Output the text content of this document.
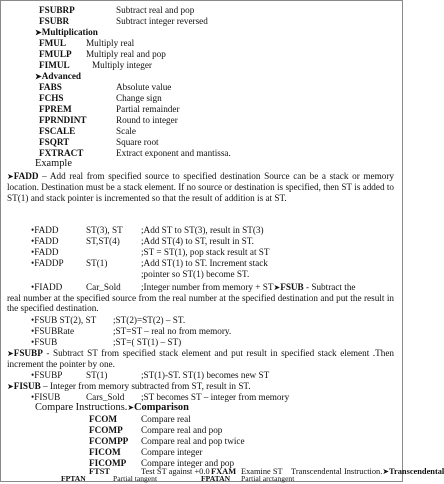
FSUBRP	Subtract real and pop
FSUBR	Subtract integer reversed
➤Multiplication
FMUL Multiply real
FMULP Multiply real and pop
FIMUL Multiply integer
➤Advanced
FABS	Absolute value
FCHS	Change sign
FPREM	Partial remainder
FPRNDINT	Round to integer
FSCALE	Scale
FSQRT	Square root
FXTRACT	Extract exponent and mantissa.
Example
➤FADD – Add real from specified source to specified destination Source can be a stack or memory location. Destination must be a stack element. If no source or destination is specified, then ST is added to ST(1) and stack pointer is incremented so that the result of addition is at ST.
•FADD	ST(3), ST ;Add ST to ST(3), result in ST(3)
•FADD	ST,ST(4) ;Add ST(4) to ST, result in ST.
•FADD	;ST = ST(1), pop stack result at ST
•FADDP ST(1)	;Add ST(1) to ST. Increment stack
;pointer so ST(1) become ST.
•FIADD	Car_Sold ;Integer number from memory + ST➤FSUB - Subtract the
real number at the specified source from the real number at the specified destination and put the result in the specified destination.
•FSUB ST(2), ST ;ST(2)=ST(2) – ST.
•FSUBRate	;ST=ST – real no from memory.
•FSUB	;ST=( ST(1) – ST)
➤FSUBP - Subtract ST from specified stack element and put result in specified stack element .Then increment the pointer by one.
•FSUBP	ST(1)	;ST(1)-ST. ST(1) becomes new ST
➤FISUB – Integer from memory subtracted from ST, result in ST.
•FISUB	Cars_Sold ;ST becomes ST – integer from memory
Compare Instructions.➤Comparison
FCOM	Compare real
FCOMP Compare real and pop
FCOMPP Compare real and pop twice
FICOM Compare integer
FICOMP Compare integer and pop
FTST	Test ST against +0.0 FXAM Examine ST Transcendental Instruction.➤Transcendental
FPTAN	Partial tangent	FPATAN Partial arctangent
